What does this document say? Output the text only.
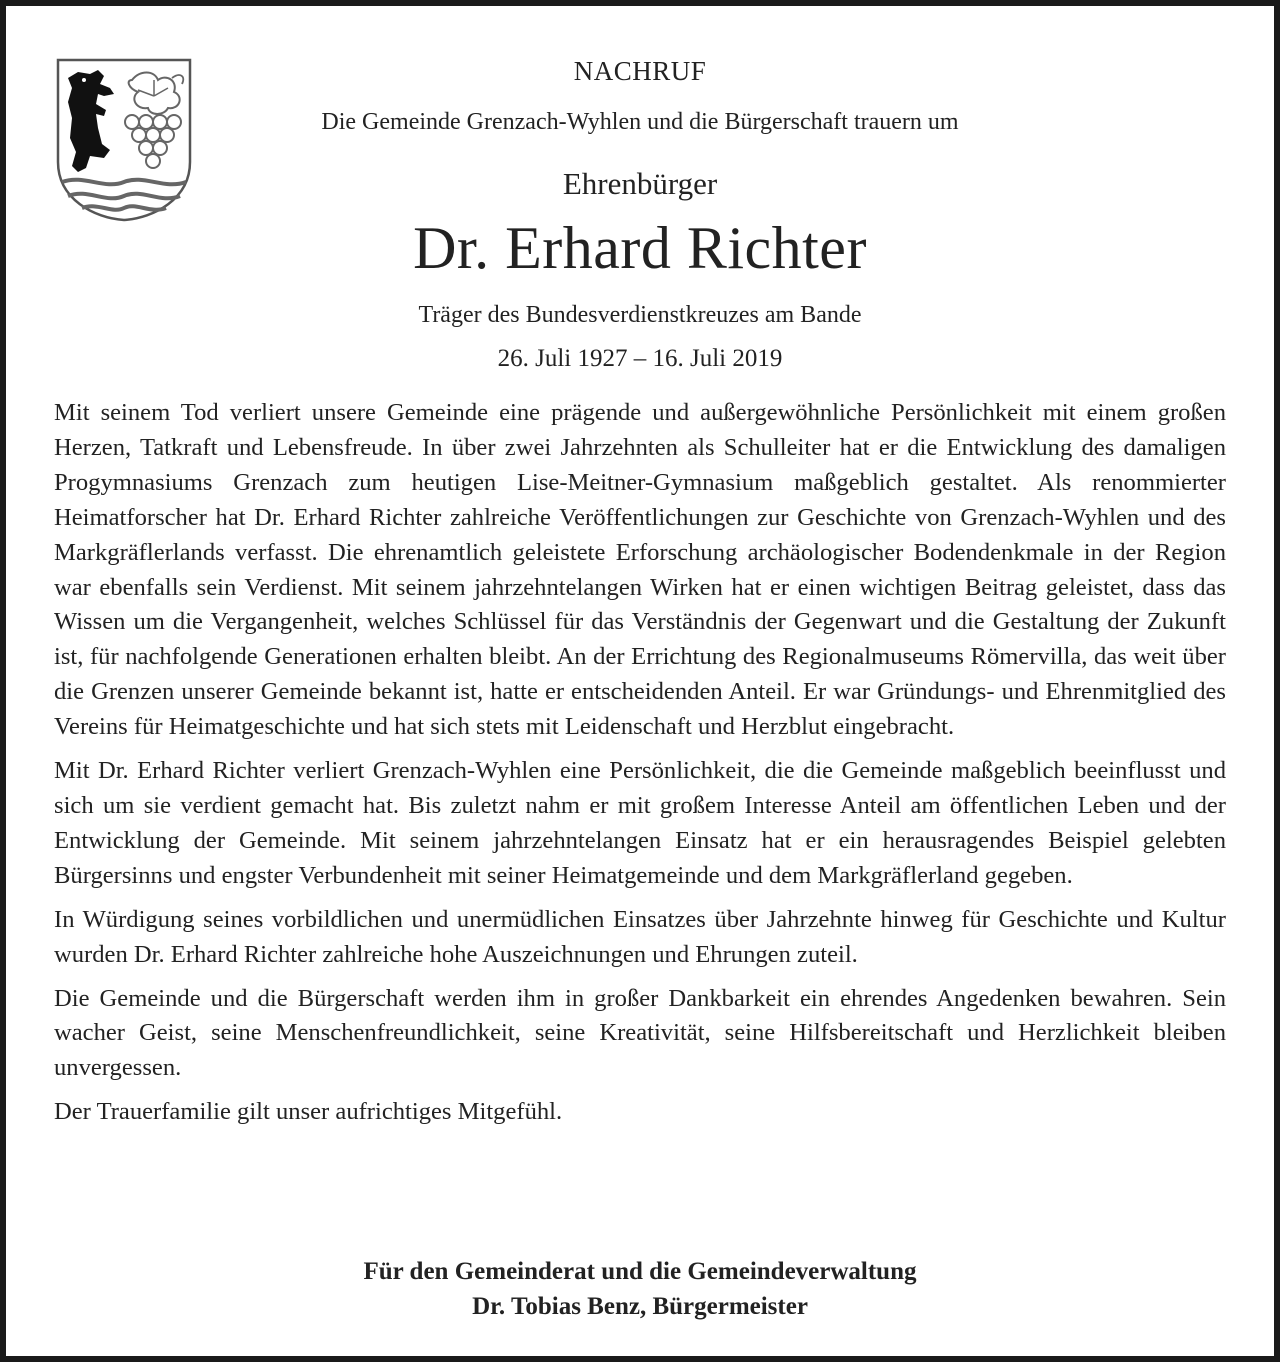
NACHRUF
Die Gemeinde Grenzach-Wyhlen und die Bürgerschaft trauern um
Ehrenbürger
Dr. Erhard Richter
Träger des Bundesverdienstkreuzes am Bande
26. Juli 1927 – 16. Juli 2019

Mit seinem Tod verliert unsere Gemeinde eine prägende und außergewöhnliche Persönlichkeit mit einem großen Herzen, Tatkraft und Lebensfreude. In über zwei Jahrzehnten als Schulleiter hat er die Entwicklung des damaligen Progymnasiums Grenzach zum heutigen Lise-Meitner-Gymnasium maßgeblich gestaltet. Als renommierter Heimatforscher hat Dr. Erhard Richter zahlreiche Veröffentlichungen zur Geschichte von Grenzach-Wyhlen und des Markgräflerlands verfasst. Die ehrenamtlich geleistete Erforschung archäologischer Bodendenkmale in der Region war ebenfalls sein Verdienst. Mit seinem jahrzehntelangen Wirken hat er einen wichtigen Beitrag geleistet, dass das Wissen um die Vergangenheit, welches Schlüssel für das Verständnis der Gegenwart und die Gestaltung der Zukunft ist, für nachfolgende Generationen erhalten bleibt. An der Errichtung des Regionalmuseums Römervilla, das weit über die Grenzen unserer Gemeinde bekannt ist, hatte er entscheidenden Anteil. Er war Gründungs- und Ehrenmitglied des Vereins für Heimatgeschichte und hat sich stets mit Leidenschaft und Herzblut eingebracht.

Mit Dr. Erhard Richter verliert Grenzach-Wyhlen eine Persönlichkeit, die die Gemeinde maßgeblich beeinflusst und sich um sie verdient gemacht hat. Bis zuletzt nahm er mit großem Interesse Anteil am öffentlichen Leben und der Entwicklung der Gemeinde. Mit seinem jahrzehntelangen Einsatz hat er ein herausragendes Beispiel gelebten Bürgersinns und engster Verbundenheit mit seiner Heimatgemeinde und dem Markgräflerland gegeben.

In Würdigung seines vorbildlichen und unermüdlichen Einsatzes über Jahrzehnte hinweg für Geschichte und Kultur wurden Dr. Erhard Richter zahlreiche hohe Auszeichnungen und Ehrungen zuteil.

Die Gemeinde und die Bürgerschaft werden ihm in großer Dankbarkeit ein ehrendes Angedenken bewahren. Sein wacher Geist, seine Menschenfreundlichkeit, seine Kreativität, seine Hilfsbereitschaft und Herzlichkeit bleiben unvergessen.

Der Trauerfamilie gilt unser aufrichtiges Mitgefühl.

Für den Gemeinderat und die Gemeindeverwaltung
Dr. Tobias Benz, Bürgermeister
